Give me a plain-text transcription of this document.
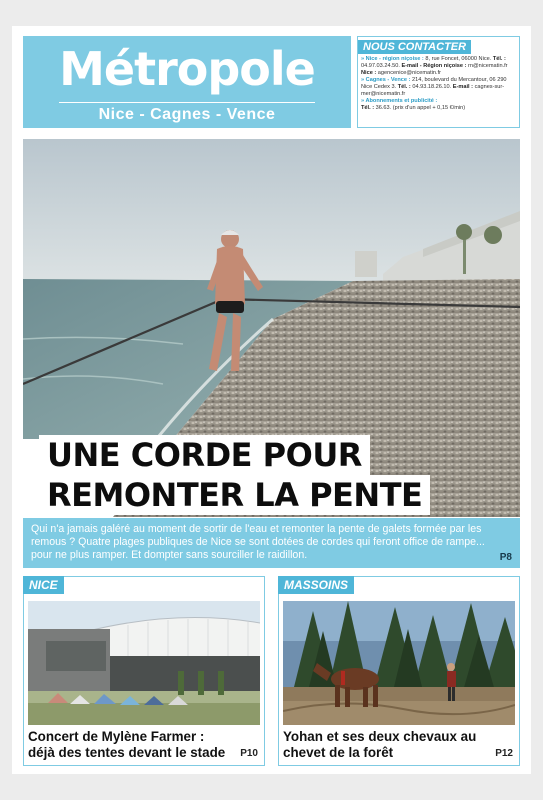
Métropole
Nice - Cagnes - Vence
NOUS CONTACTER
» Nice - région niçoise : 8, rue Foncet, 06000 Nice. Tél. : 04.97.03.24.50. E-mail - Région niçoise : rn@nicematin.fr Nice : agencenice@nicematin.fr
» Cagnes - Vence : 214, boulevard du Mercantour, 06 290 Nice Cedex 3. Tél. : 04.93.18.26.10. E-mail : cagnes-sur-mer@nicematin.fr
» Abonnements et publicité :
Tél. : 36.63. (prix d'un appel + 0,15 €/min)
UNE CORDE POUR
REMONTER LA PENTE

Qui n'a jamais galéré au moment de sortir de l'eau et remonter la pente de galets formée par les remous ? Quatre plages publiques de Nice se sont dotées de cordes qui feront office de rampe... pour ne plus ramper. Et dompter sans sourciller le raidillon.	P8
NICE
Concert de Mylène Farmer : déjà des tentes devant le stade P10
MASSOINS
Yohan et ses deux chevaux au chevet de la forêt	P12
